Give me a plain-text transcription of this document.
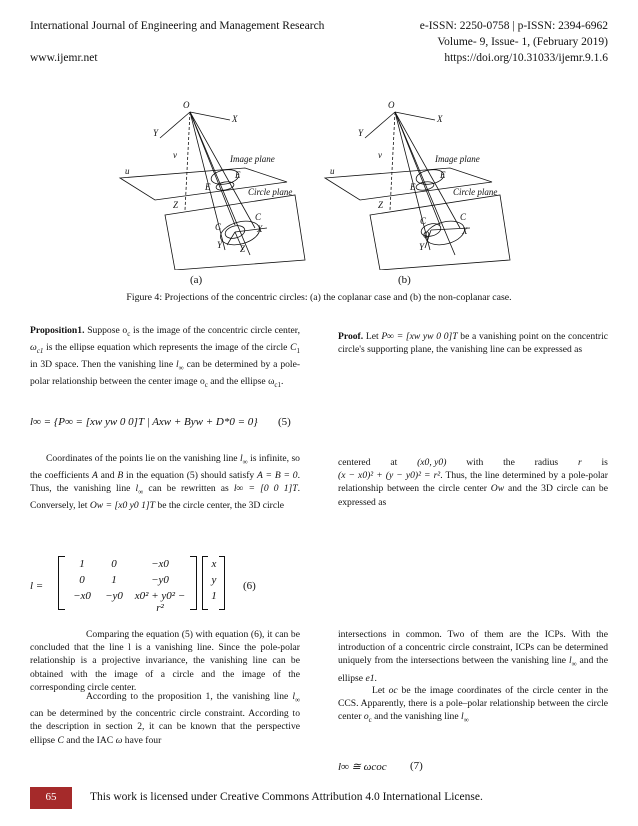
International Journal of Engineering and Management Research	e-ISSN: 2250-0758 | p-ISSN: 2394-6962
Volume- 9, Issue- 1, (February 2019)
www.ijemr.net	https://doi.org/10.31033/ijemr.9.1.6
O
X
Y
u
v	Image plane
Circle plane
E
E
Z
C
C
X
Y Z
O
X
Y
u
v	Image plane
Circle plane
E
E
Z
C	C
X
O
Y
(a)	(b)
Figure 4: Projections of the concentric circles: (a) the coplanar case and (b) the non-coplanar case.
Proposition1. Suppose $o_c$ is the image of the concentric circle center, $\omega_{c1}$ is the ellipse equation which represents the image of the circle $C_1$ in 3D space. Then the vanishing line $l_\infty$ can be determined by a pole-polar relationship between the center image $o_c$ and the ellipse $\omega_{c1}$.
l∞ = {P∞ = [xw yw 0 0]T | Axw + Byw + D*0 = 0} (5)
Coordinates of the points lie on the vanishing line $l_\infty$ is infinite, so the coefficients A and B in the equation (5) should satisfy A = B = 0. Thus, the vanishing line $l_\infty$ can be rewritten as l∞ = [0 0 1]T. Conversely, let Ow = [x0 y0 1]T be the circle center, the 3D circle
l =
1	0	−x0
0	1	−y0
−x0	−y0	x0² + y0² − r²
x
y
1
(6)
Comparing the equation (5) with equation (6), it can be concluded that the line l is a vanishing line. Since the pole-polar relationship is a projective invariance, the vanishing line can be obtained with the image of a circle and the image of the corresponding circle center.
According to the proposition 1, the vanishing line $l_\infty$ can be determined by the concentric circle constraint. According to the description in section 2, it can be known that the perspective ellipse C and the IAC ω have four
Proof. Let P∞ = [xw yw 0 0]T be a vanishing point on the concentric circle's supporting plane, the vanishing line can be expressed as
centered at (x0, y0) with the radius r is
(x − x0)² + (y − y0)² = r². Thus, the line determined by a pole-polar relationship between the circle center Ow and the 3D circle can be expressed as
intersections in common. Two of them are the ICPs. With the introduction of a concentric circle constraint, ICPs can be determined uniquely from the intersections between the vanishing line $l_\infty$ and the ellipse e1.
Let oc be the image coordinates of the circle center in the CCS. Apparently, there is a pole–polar relationship between the circle center $o_c$ and the vanishing line $l_\infty$
l∞ ≅ ωcoc (7)
65	This work is licensed under Creative Commons Attribution 4.0 International License.
